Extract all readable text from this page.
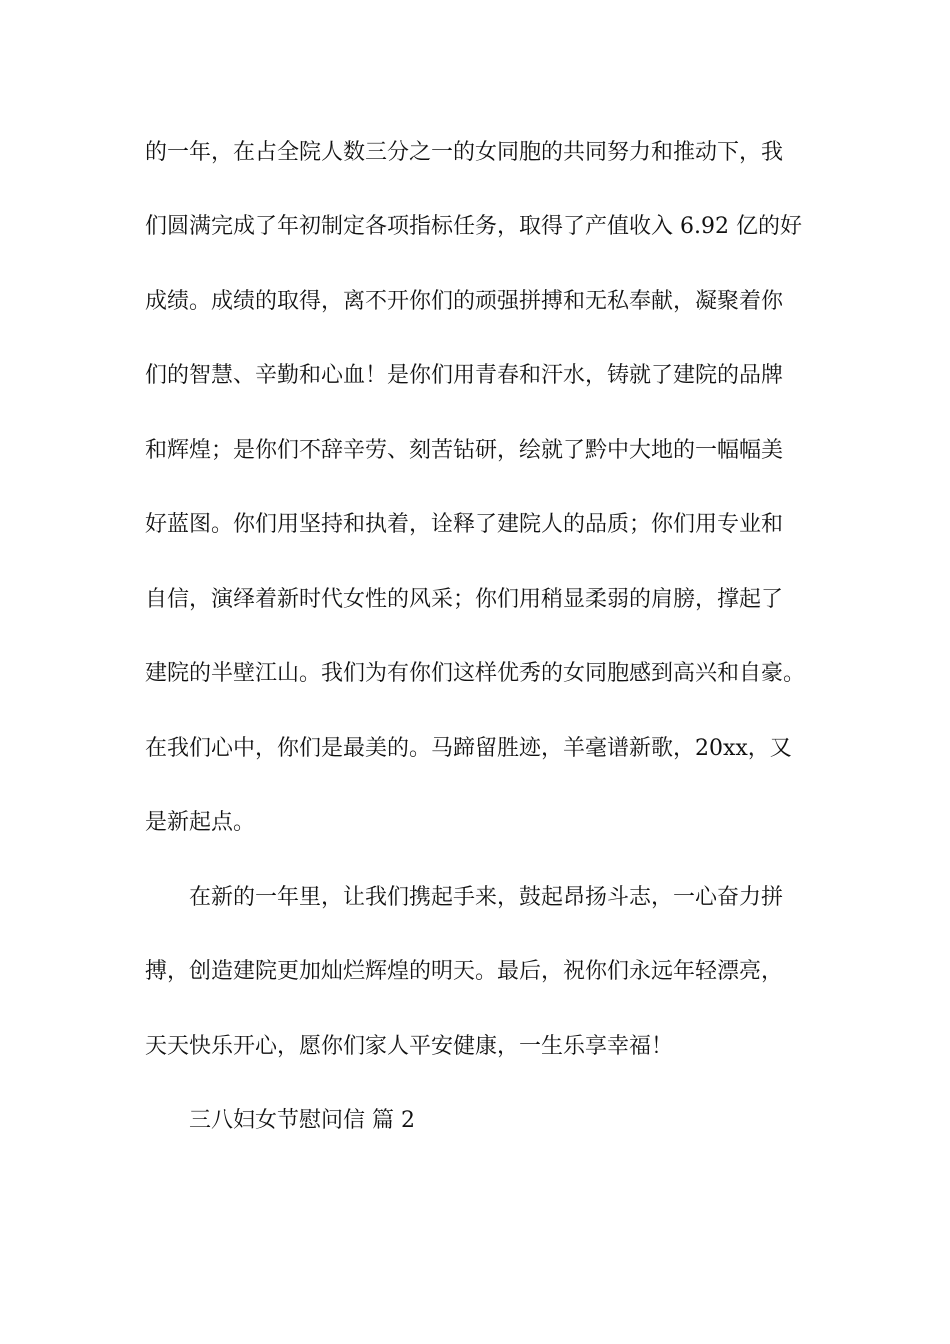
的一年，在占全院人数三分之一的女同胞的共同努力和推动下，我
们圆满完成了年初制定各项指标任务，取得了产值收入 6.92 亿的好
成绩。成绩的取得，离不开你们的顽强拼搏和无私奉献，凝聚着你
们的智慧、辛勤和心血！是你们用青春和汗水，铸就了建院的品牌
和辉煌；是你们不辞辛劳、刻苦钻研，绘就了黔中大地的一幅幅美
好蓝图。你们用坚持和执着，诠释了建院人的品质；你们用专业和
自信，演绎着新时代女性的风采；你们用稍显柔弱的肩膀，撑起了
建院的半壁江山。我们为有你们这样优秀的女同胞感到高兴和自豪。
在我们心中，你们是最美的。马蹄留胜迹，羊毫谱新歌，20xx，又
是新起点。
在新的一年里，让我们携起手来，鼓起昂扬斗志，一心奋力拼
搏，创造建院更加灿烂辉煌的明天。最后，祝你们永远年轻漂亮，
天天快乐开心，愿你们家人平安健康，一生乐享幸福！
三八妇女节慰问信 篇 2
